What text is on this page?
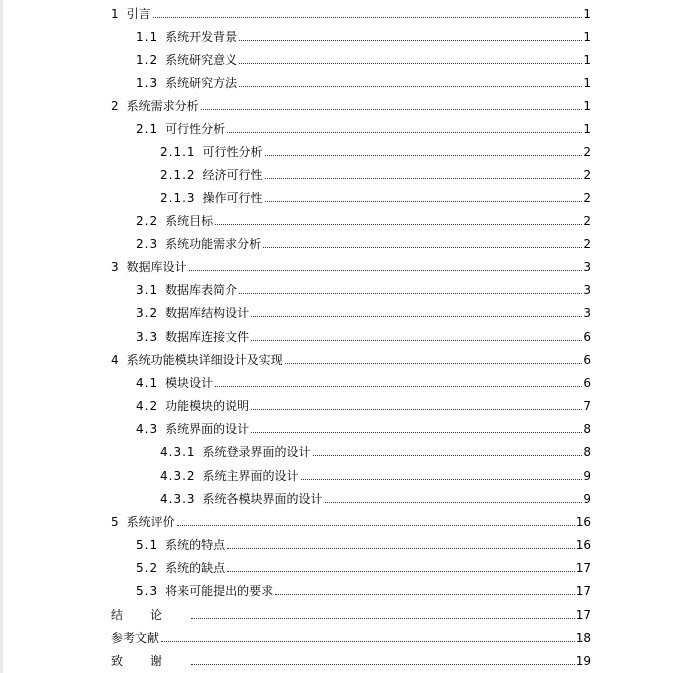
1 引言	1
1.1 系统开发背景	1
1.2 系统研究意义	1
1.3 系统研究方法	1
2 系统需求分析	1
2.1 可行性分析	1
2.1.1 可行性分析	2
2.1.2 经济可行性	2
2.1.3 操作可行性	2
2.2 系统目标	2
2.3 系统功能需求分析	2
3 数据库设计	3
3.1 数据库表简介	3
3.2 数据库结构设计	3
3.3 数据库连接文件	6
4 系统功能模块详细设计及实现	6
4.1 模块设计	6
4.2 功能模块的说明	7
4.3 系统界面的设计	8
4.3.1 系统登录界面的设计	8
4.3.2 系统主界面的设计	9
4.3.3 系统各模块界面的设计	9
5 系统评价	16
5.1 系统的特点	16
5.2 系统的缺点	17
5.3 将来可能提出的要求	17
结论	17
参考文献	18
致谢	19
